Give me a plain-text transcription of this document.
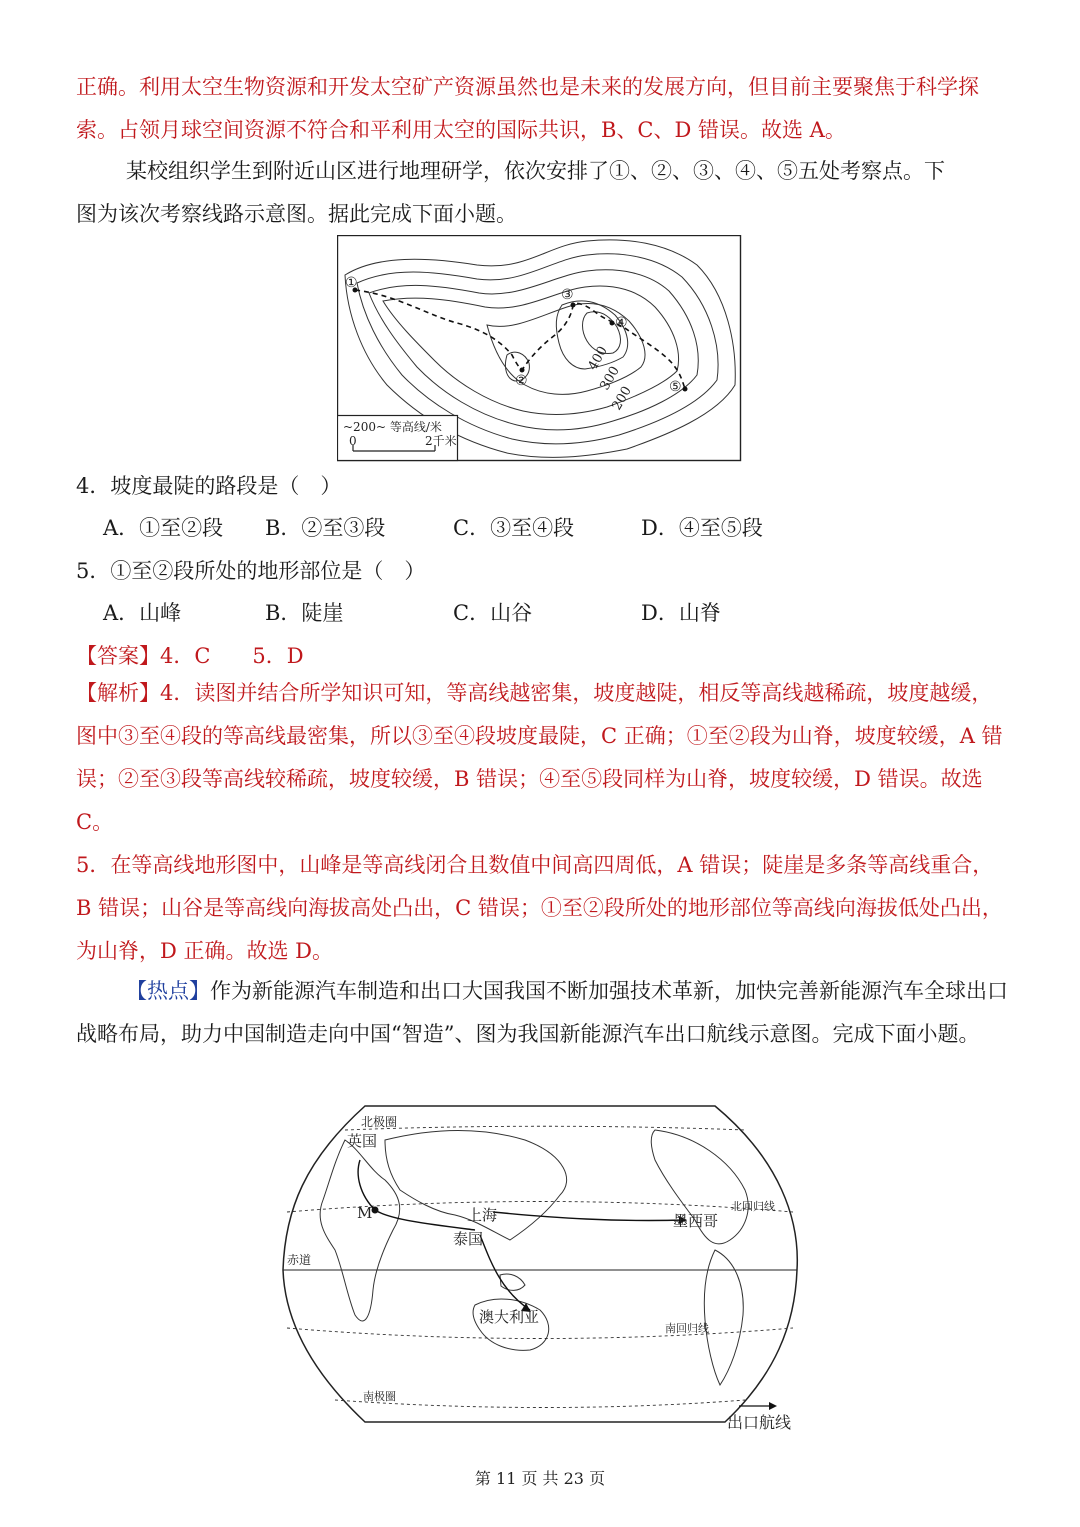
正确。利用太空生物资源和开发太空矿产资源虽然也是未来的发展方向，但目前主要聚焦于科学探
索。占领月球空间资源不符合和平利用太空的国际共识，B、C、D 错误。故选 A。
某校组织学生到附近山区进行地理研学，依次安排了①、②、③、④、⑤五处考察点。下
图为该次考察线路示意图。据此完成下面小题。
①
②
③
④
⑤
400
300
200
~200~ 等高线/米
0	2千米
4．坡度最陡的路段是（　）
A．①至②段 B．②至③段	C．③至④段	D．④至⑤段
5．①至②段所处的地形部位是（　）
A．山峰	B．陡崖	C．山谷	D．山脊
【答案】4．C　　5．D
【解析】4．读图并结合所学知识可知，等高线越密集，坡度越陡，相反等高线越稀疏，坡度越缓，图中③至④段的等高线最密集，所以③至④段坡度最陡，C 正确；①至②段为山脊，坡度较缓，A 错误；②至③段等高线较稀疏，坡度较缓，B 错误；④至⑤段同样为山脊，坡度较缓，D 错误。故选 C。
5．在等高线地形图中，山峰是等高线闭合且数值中间高四周低，A 错误；陡崖是多条等高线重合，B 错误；山谷是等高线向海拔高处凸出，C 错误；①至②段所处的地形部位等高线向海拔低处凸出，为山脊，D 正确。故选 D。
【热点】作为新能源汽车制造和出口大国我国不断加强技术革新，加快完善新能源汽车全球出口战略布局，助力中国制造走向中国“智造”、图为我国新能源汽车出口航线示意图。完成下面小题。
北极圈
英国
M	上海
泰国
墨西哥
北回归线
赤道
澳大利亚
南回归线
南极圈
出口航线
第 11 页 共 23 页
